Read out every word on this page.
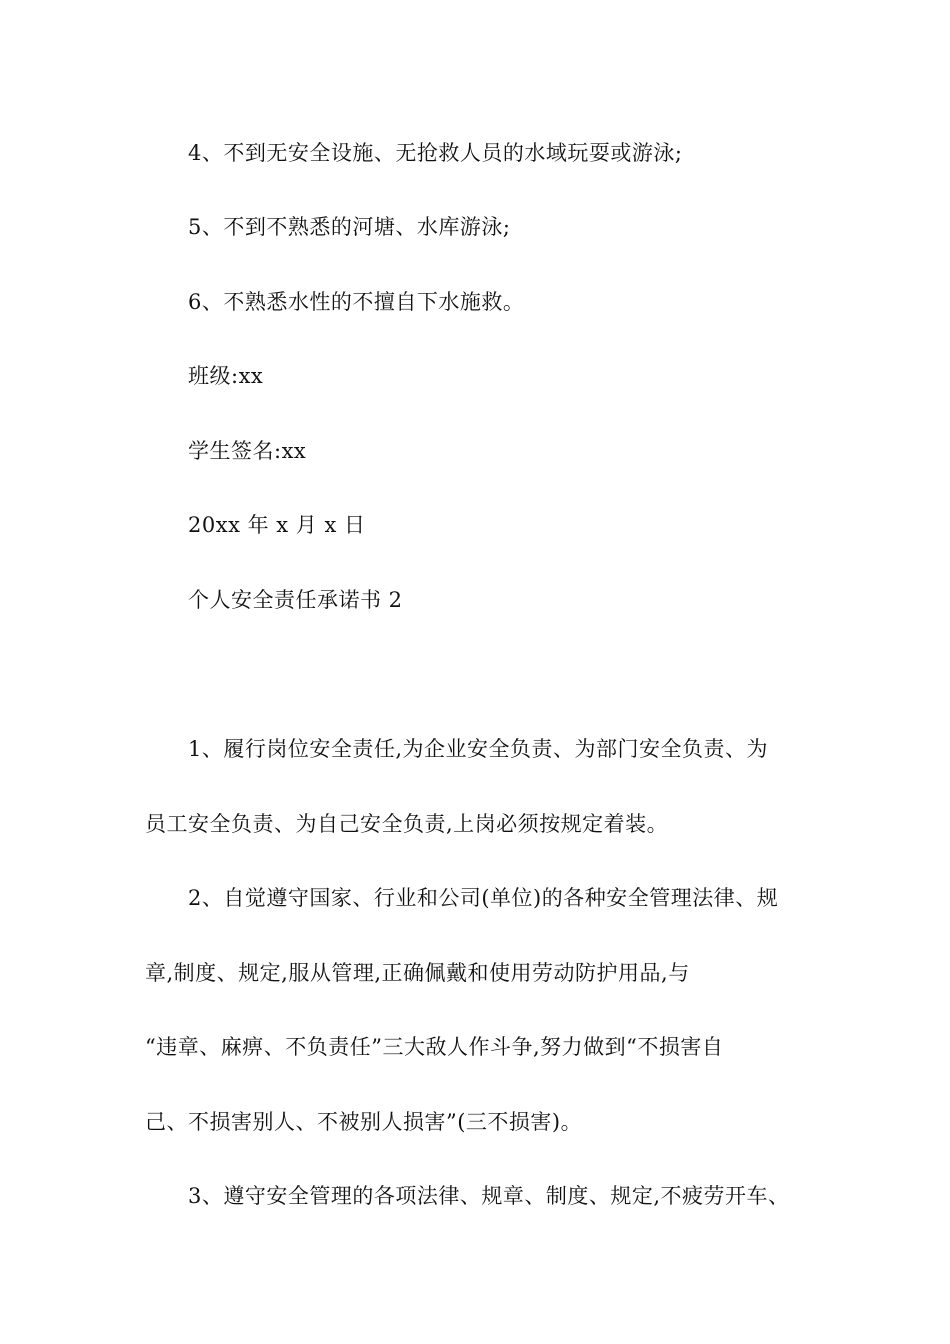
4、不到无安全设施、无抢救人员的水域玩耍或游泳;
5、不到不熟悉的河塘、水库游泳;
6、不熟悉水性的不擅自下水施救。
班级:xx
学生签名:xx
20xx 年 x 月 x 日
个人安全责任承诺书 2
1、履行岗位安全责任,为企业安全负责、为部门安全负责、为
员工安全负责、为自己安全负责,上岗必须按规定着装。
2、自觉遵守国家、行业和公司(单位)的各种安全管理法律、规
章,制度、规定,服从管理,正确佩戴和使用劳动防护用品,与
“违章、麻痹、不负责任”三大敌人作斗争,努力做到“不损害自
己、不损害别人、不被别人损害”(三不损害)。
3、遵守安全管理的各项法律、规章、制度、规定,不疲劳开车、
